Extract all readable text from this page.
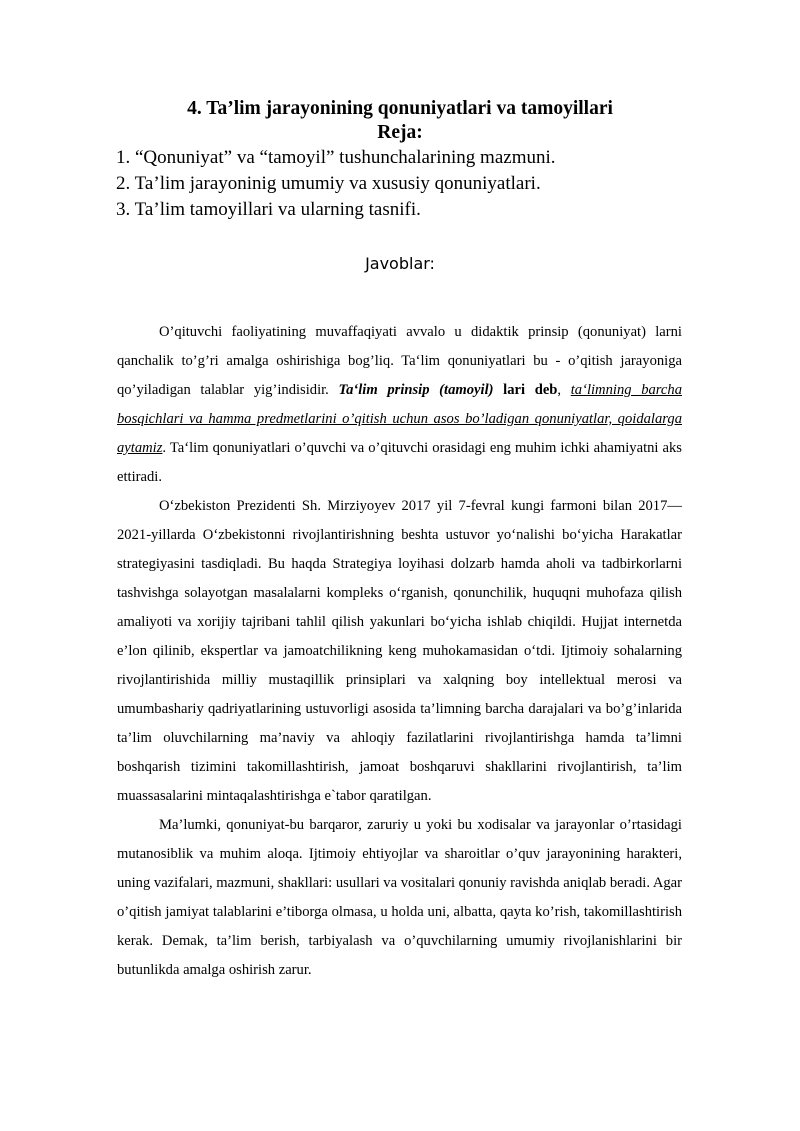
4. Ta’lim jarayonining qonuniyatlari va tamoyillari
Reja:
1. “Qonuniyat” va “tamoyil” tushunchalarining mazmuni.
2. Ta’lim jarayoninig umumiy va xususiy qonuniyatlari.
3. Ta’lim tamoyillari va ularning tasnifi.
Javoblar:

O’qituvchi faoliyatining muvaffaqiyati avvalo u didaktik prinsip (qonuniyat) larni qanchalik to’g’ri amalga oshirishiga bog’liq. Ta‘lim qonuniyatlari bu - o’qitish jarayoniga qo’yiladigan talablar yig’indisidir. Ta‘lim prinsip (tamoyil) lari deb, ta‘limning barcha bosqichlari va hamma predmetlarini o’qitish uchun asos bo’ladigan qonuniyatlar, qoidalarga aytamiz. Ta‘lim qonuniyatlari o’quvchi va o’qituvchi orasidagi eng muhim ichki ahamiyatni aks ettiradi.

O‘zbekiston Prezidenti Sh. Mirziyoyev 2017 yil 7-fevral kungi farmoni bilan 2017—2021-yillarda O‘zbekistonni rivojlantirishning beshta ustuvor yo‘nalishi bo‘yicha Harakatlar strategiyasini tasdiqladi. Bu haqda Strategiya loyihasi dolzarb hamda aholi va tadbirkorlarni tashvishga solayotgan masalalarni kompleks o‘rganish, qonunchilik, huquqni muhofaza qilish amaliyoti va xorijiy tajribani tahlil qilish yakunlari bo‘yicha ishlab chiqildi. Hujjat internetda e’lon qilinib, ekspertlar va jamoatchilikning keng muhokamasidan o‘tdi. Ijtimoiy sohalarning rivojlantirishida milliy mustaqillik prinsiplari va xalqning boy intellektual merosi va umumbashariy qadriyatlarining ustuvorligi asosida ta’limning barcha darajalari va bo’g’inlarida ta’lim oluvchilarning ma’naviy va ahloqiy fazilatlarini rivojlantirishga hamda ta’limni boshqarish tizimini takomillashtirish, jamoat boshqaruvi shakllarini rivojlantirish, ta’lim muassasalarini mintaqalashtirishga e`tabor qaratilgan.

Ma’lumki, qonuniyat-bu barqaror, zaruriy u yoki bu xodisalar va jarayonlar o’rtasidagi mutanosiblik va muhim aloqa. Ijtimoiy ehtiyojlar va sharoitlar o’quv jarayonining harakteri, uning vazifalari, mazmuni, shakllari: usullari va vositalari qonuniy ravishda aniqlab beradi. Agar o’qitish jamiyat talablarini e’tiborga olmasa, u holda uni, albatta, qayta ko’rish, takomillashtirish kerak. Demak, ta’lim berish, tarbiyalash va o’quvchilarning umumiy rivojlanishlarini bir butunlikda amalga oshirish zarur.
